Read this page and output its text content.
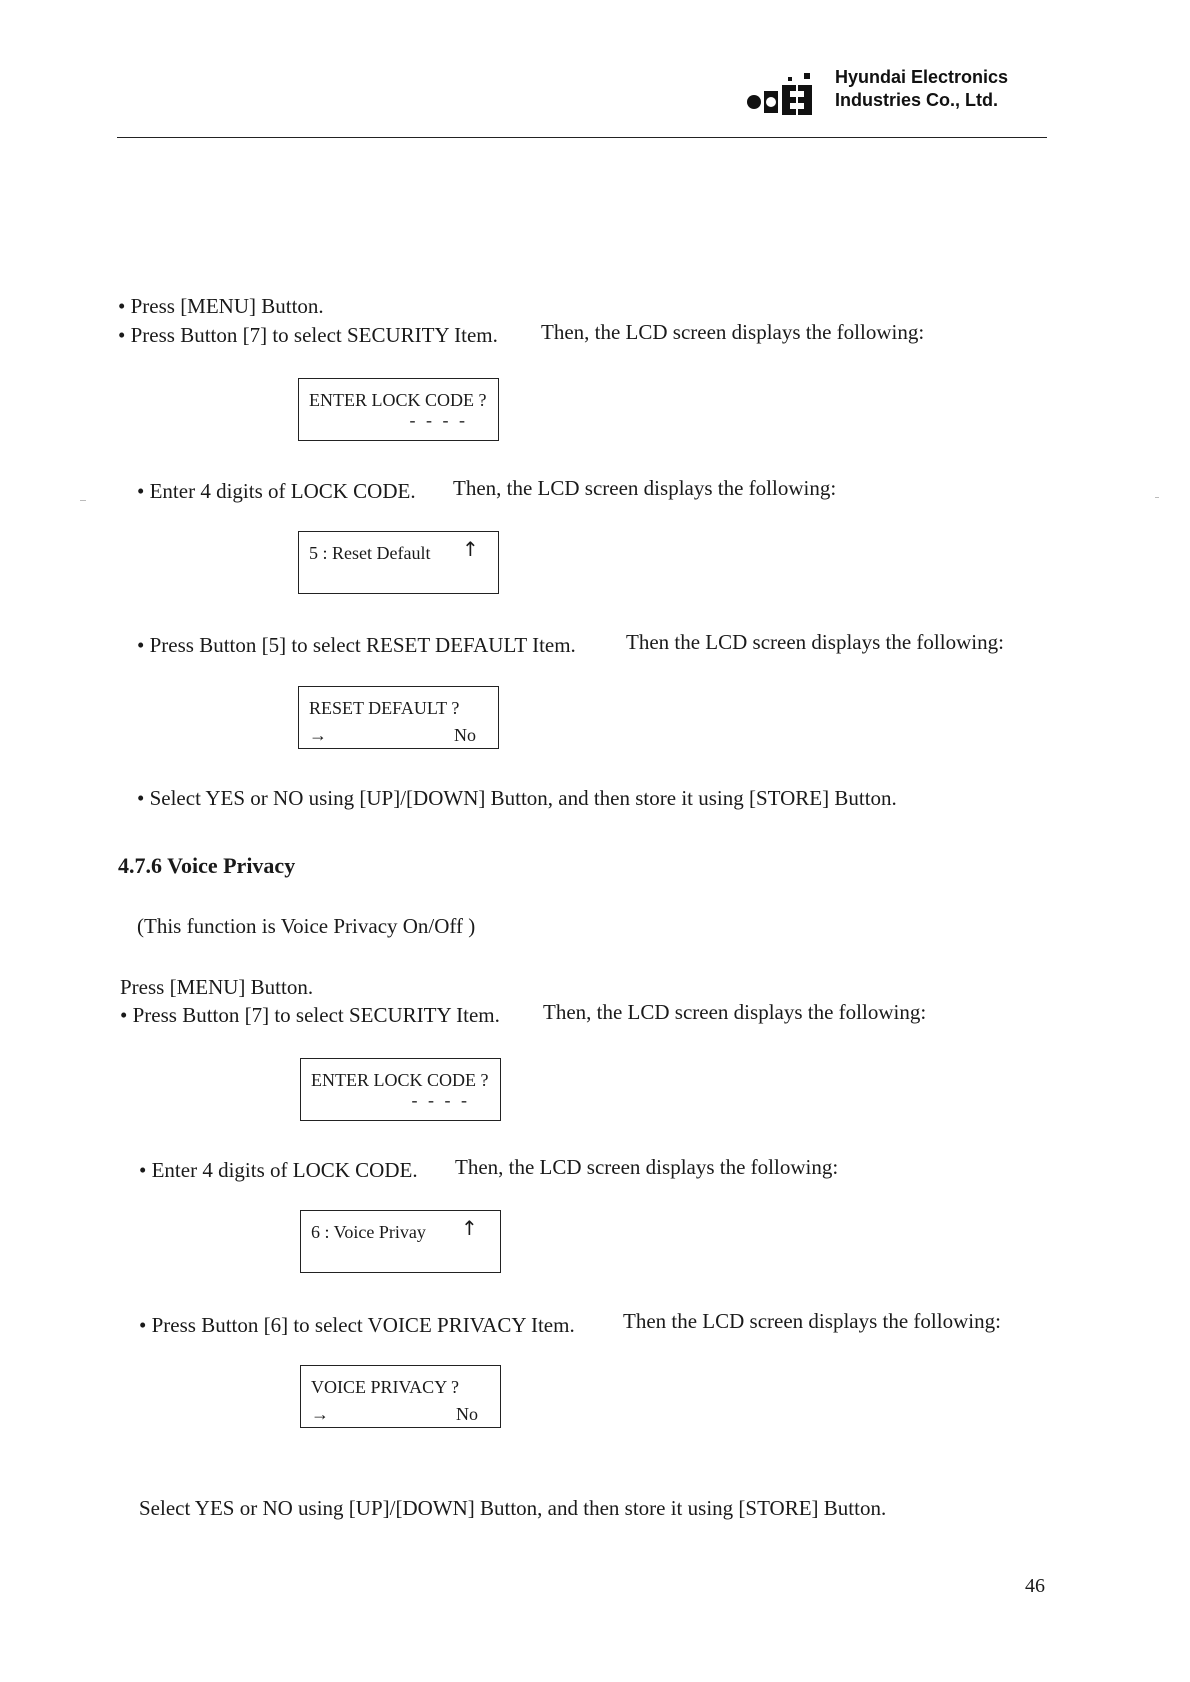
Hyundai Electronics
Industries Co., Ltd.
• Press [MENU] Button.
• Press Button [7] to select SECURITY Item. Then, the LCD screen displays the following:
ENTER LOCK CODE ?
- - - -
• Enter 4 digits of LOCK CODE. Then, the LCD screen displays the following:
5 : Reset Default ↑
• Press Button [5] to select RESET DEFAULT Item. Then the LCD screen displays the following:
RESET DEFAULT ?
→	No
• Select YES or NO using [UP]/[DOWN] Button, and then store it using [STORE] Button.
4.7.6 Voice Privacy
(This function is Voice Privacy On/Off )
Press [MENU] Button.
• Press Button [7] to select SECURITY Item. Then, the LCD screen displays the following:
ENTER LOCK CODE ?
- - - -
• Enter 4 digits of LOCK CODE. Then, the LCD screen displays the following:
6 : Voice Privay ↑
• Press Button [6] to select VOICE PRIVACY Item. Then the LCD screen displays the following:
VOICE PRIVACY ?
→	No
Select YES or NO using [UP]/[DOWN] Button, and then store it using [STORE] Button.
46
